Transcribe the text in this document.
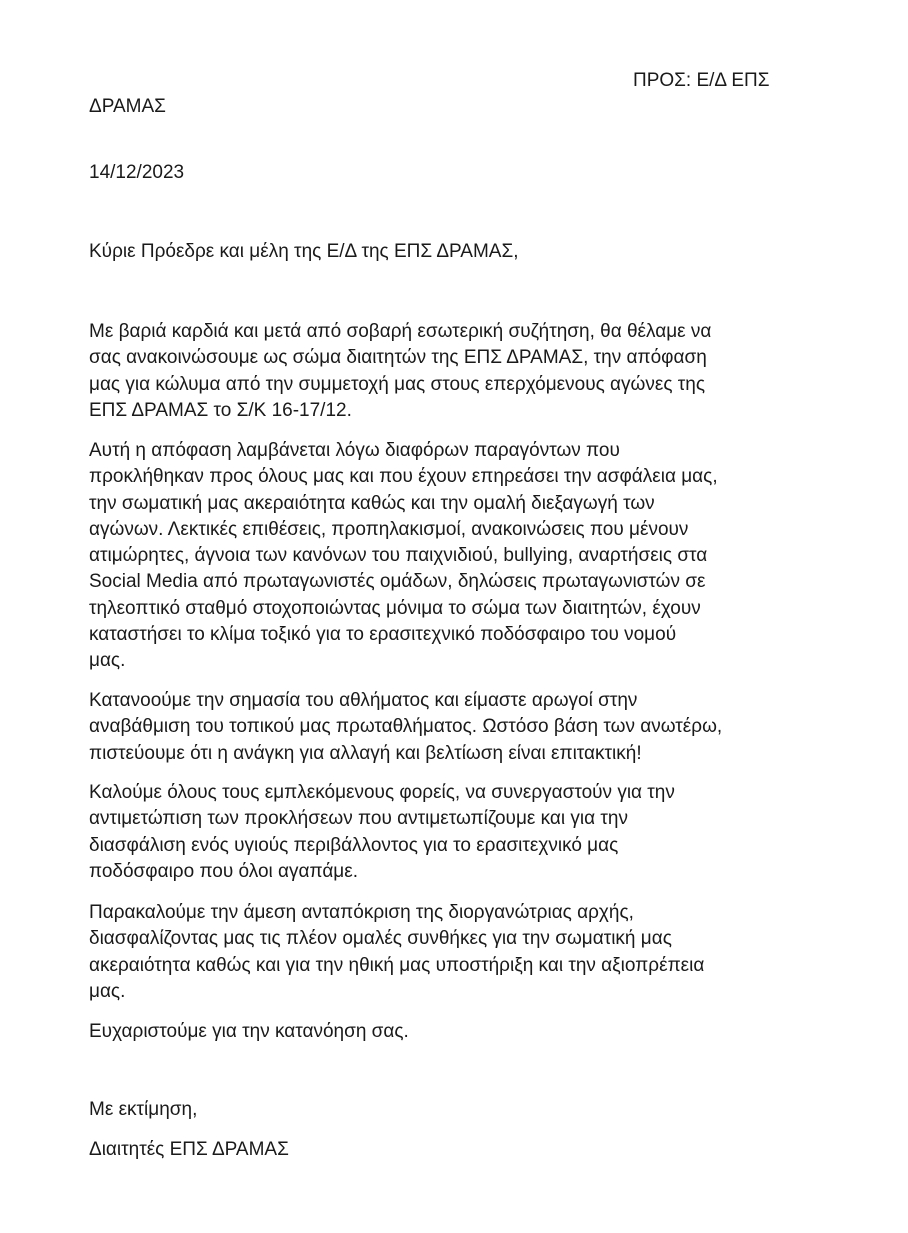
ΠΡΟΣ: Ε/Δ ΕΠΣ
ΔΡΑΜΑΣ
14/12/2023
Κύριε Πρόεδρε και μέλη της Ε/Δ της ΕΠΣ ΔΡΑΜΑΣ,
Με βαριά καρδιά και μετά από σοβαρή εσωτερική συζήτηση, θα θέλαμε να
σας ανακοινώσουμε ως σώμα διαιτητών της ΕΠΣ ΔΡΑΜΑΣ, την απόφαση
μας για κώλυμα από την συμμετοχή μας στους επερχόμενους αγώνες της
ΕΠΣ ΔΡΑΜΑΣ το Σ/Κ 16-17/12.
Αυτή η απόφαση λαμβάνεται λόγω διαφόρων παραγόντων που
προκλήθηκαν προς όλους μας και που έχουν επηρεάσει την ασφάλεια μας,
την σωματική μας ακεραιότητα καθώς και την ομαλή διεξαγωγή των
αγώνων. Λεκτικές επιθέσεις, προπηλακισμοί, ανακοινώσεις που μένουν
ατιμώρητες, άγνοια των κανόνων του παιχνιδιού, bullying, αναρτήσεις στα
Social Media από πρωταγωνιστές ομάδων, δηλώσεις πρωταγωνιστών σε
τηλεοπτικό σταθμό στοχοποιώντας μόνιμα το σώμα των διαιτητών, έχουν
καταστήσει το κλίμα τοξικό για το ερασιτεχνικό ποδόσφαιρο του νομού
μας.
Κατανοούμε την σημασία του αθλήματος και είμαστε αρωγοί στην
αναβάθμιση του τοπικού μας πρωταθλήματος. Ωστόσο βάση των ανωτέρω,
πιστεύουμε ότι η ανάγκη για αλλαγή και βελτίωση είναι επιτακτική!
Καλούμε όλους τους εμπλεκόμενους φορείς, να συνεργαστούν για την
αντιμετώπιση των προκλήσεων που αντιμετωπίζουμε και για την
διασφάλιση ενός υγιούς περιβάλλοντος για το ερασιτεχνικό μας
ποδόσφαιρο που όλοι αγαπάμε.
Παρακαλούμε την άμεση ανταπόκριση της διοργανώτριας αρχής,
διασφαλίζοντας μας τις πλέον ομαλές συνθήκες για την σωματική μας
ακεραιότητα καθώς και για την ηθική μας υποστήριξη και την αξιοπρέπεια
μας.
Ευχαριστούμε για την κατανόηση σας.
Με εκτίμηση,
Διαιτητές ΕΠΣ ΔΡΑΜΑΣ
